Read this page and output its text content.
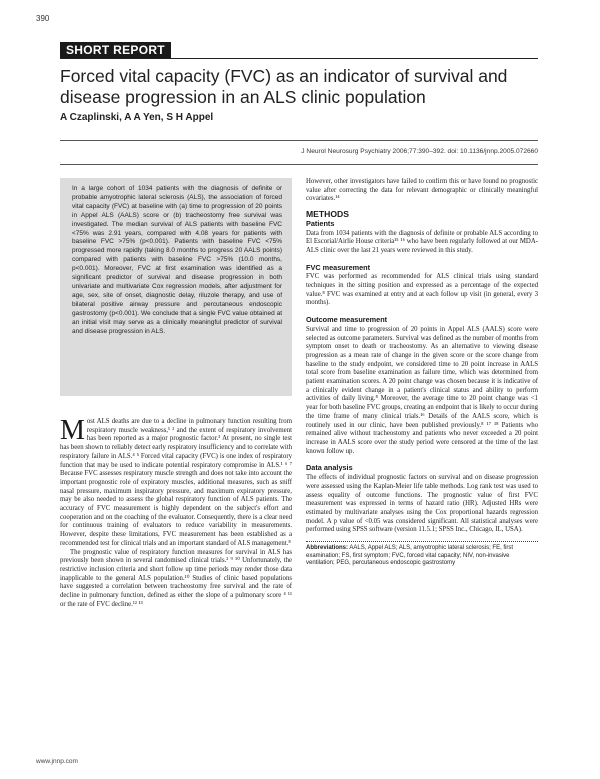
390
SHORT REPORT
Forced vital capacity (FVC) as an indicator of survival and disease progression in an ALS clinic population
A Czaplinski, A A Yen, S H Appel
J Neurol Neurosurg Psychiatry 2006;77:390–392. doi: 10.1136/jnnp.2005.072660

In a large cohort of 1034 patients with the diagnosis of definite or probable amyotrophic lateral sclerosis (ALS), the association of forced vital capacity (FVC) at baseline with (a) time to progression of 20 points in Appel ALS (AALS) score or (b) tracheostomy free survival was investigated. The median survival of ALS patients with baseline FVC <75% was 2.91 years, compared with 4.08 years for patients with baseline FVC >75% (p<0.001). Patients with baseline FVC <75% progressed more rapidly (taking 8.0 months to progress 20 AALS points) compared with patients with baseline FVC >75% (10.0 months, p<0.001). Moreover, FVC at first examination was identified as a significant predictor of survival and disease progression in both univariate and multivariate Cox regression models, after adjustment for age, sex, site of onset, diagnostic delay, riluzole therapy, and use of bilateral positive airway pressure and percutaneous endoscopic gastrostomy (p<0.001). We conclude that a single FVC value obtained at an initial visit may serve as a clinically meaningful predictor of survival and disease progression in ALS.

Most ALS deaths are due to a decline in pulmonary function resulting from respiratory muscle weakness,¹ ² and the extent of respiratory involvement has been reported as a major prognostic factor.³ At present, no single test has been shown to reliably detect early respiratory insufficiency and to correlate with respiratory failure in ALS.⁴ ⁵ Forced vital capacity (FVC) is one index of respiratory function that may be used to indicate potential respiratory compromise in ALS.¹ ⁶ ⁷ Because FVC assesses respiratory muscle strength and does not take into account the important prognostic role of expiratory muscles, additional measures, such as sniff nasal pressure, maximum inspiratory pressure, and maximum expiratory pressure, may be also needed to assess the global respiratory function of ALS patients. The accuracy of FVC measurement is highly dependent on the subject's effort and cooperation and on the coaching of the evaluator. Consequently, there is a clear need for continuous training of evaluators to reduce variability in measurements. However, despite these limitations, FVC measurement has been established as a recommended test for clinical trials and an important standard of ALS management.⁸

The prognostic value of respiratory function measures for survival in ALS has previously been shown in several randomised clinical trials.² ⁹ ¹⁰ Unfortunately, the restrictive inclusion criteria and short follow up time periods may render those data inapplicable to the general ALS population.¹⁰ Studies of clinic based populations have suggested a correlation between tracheostomy free survival and the rate of decline in pulmonary function, defined as either the slope of a pulmonary score ⁴ ¹¹ or the rate of FVC decline.¹² ¹³

However, other investigators have failed to confirm this or have found no prognostic value after correcting the data for relevant demographic or clinically meaningful covariates.¹⁴

METHODS
Patients

Data from 1034 patients with the diagnosis of definite or probable ALS according to El Escorial/Airlie House criteria¹⁵ ¹⁶ who have been regularly followed at our MDA-ALS clinic over the last 21 years were reviewed in this study.

FVC measurement

FVC was performed as recommended for ALS clinical trials using standard techniques in the sitting position and expressed as a percentage of the expected value.⁸ FVC was examined at entry and at each follow up visit (in general, every 3 months).

Outcome measurement

Survival and time to progression of 20 points in Appel ALS (AALS) score were selected as outcome parameters. Survival was defined as the number of months from symptom onset to death or tracheostomy. As an alternative to viewing disease progression as a mean rate of change in the given score or the score change from baseline to the study endpoint, we considered time to 20 point increase in AALS total score from baseline examination as failure time, which was determined from patient examination scores. A 20 point change was chosen because it is indicative of a clinically evident change in a patient's clinical status and ability to perform activities of daily living.⁸ Moreover, the average time to 20 point change was <1 year for both baseline FVC groups, creating an endpoint that is likely to occur during the time frame of many clinical trials.¹⁶ Details of the AALS score, which is routinely used in our clinic, have been published previously.⁸ ¹⁷ ¹⁸ Patients who remained alive without tracheostomy and patients who never exceeded a 20 point increase in AALS score over the study period were censored at the time of the last known follow up.

Data analysis

The effects of individual prognostic factors on survival and on disease progression were assessed using the Kaplan-Meier life table methods. Log rank test was used to assess equality of outcome functions. The prognostic value of first FVC measurement was expressed in terms of hazard ratio (HR). Adjusted HRs were estimated by multivariate analyses using the Cox proportional hazards regression model. A p value of <0.05 was considered significant. All statistical analyses were performed using SPSS software (version 11.5.1; SPSS Inc., Chicago, IL, USA).

Abbreviations: AALS, Appel ALS; ALS, amyotrophic lateral sclerosis; FE, first examination; FS, first symptom; FVC, forced vital capacity; NIV, non-invasive ventilation; PEG, percutaneous endoscopic gastrostomy
www.jnnp.com
